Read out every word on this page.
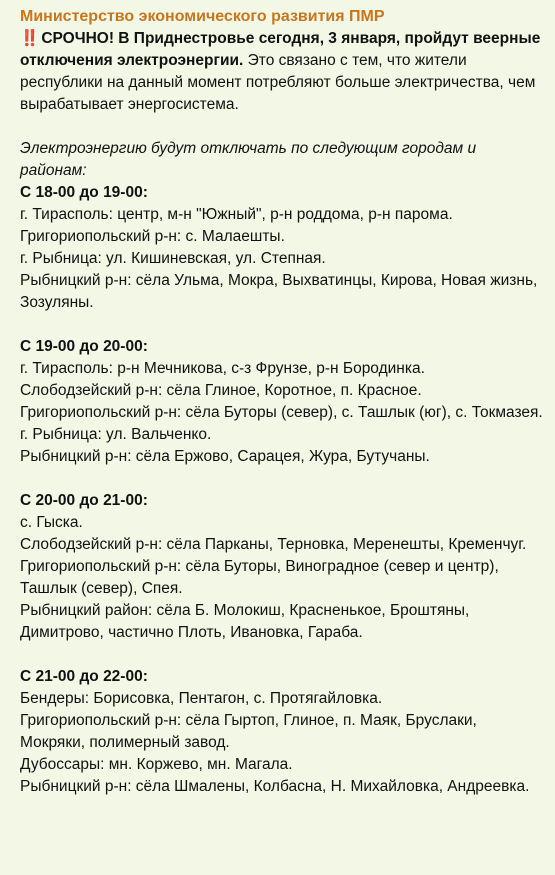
Министерство экономического развития ПМР
‼️ СРОЧНО! В Приднестровье сегодня, 3 января, пройдут веерные отключения электроэнергии. Это связано с тем, что жители республики на данный момент потребляют больше электричества, чем вырабатывает энергосистема.
Электроэнергию будут отключать по следующим городам и районам:
С 18-00 до 19-00:
г. Тирасполь: центр, м-н "Южный", р-н роддома, р-н парома.
Григориопольский р-н: с. Малаешты.
г. Рыбница: ул. Кишиневская, ул. Степная.
Рыбницкий р-н: сёла Ульма, Мокра, Выхватинцы, Кирова, Новая жизнь, Зозуляны.
С 19-00 до 20-00:
г. Тирасполь: р-н Мечникова, с-з Фрунзе, р-н Бородинка.
Слободзейский р-н: сёла Глиное, Коротное, п. Красное.
Григориопольский р-н: сёла Буторы (север), с. Ташлык (юг), с. Токмазея.
г. Рыбница: ул. Вальченко.
Рыбницкий р-н: сёла Ержово, Сарацея, Жура, Бутучаны.
С 20-00 до 21-00:
с. Гыска.
Слободзейский р-н: сёла Парканы, Терновка, Меренешты, Кременчуг.
Григориопольский р-н: сёла Буторы, Виноградное (север и центр), Ташлык (север), Спея.
Рыбницкий район: сёла Б. Молокиш, Красненькое, Броштяны, Димитрово, частично Плоть, Ивановка, Гараба.
С 21-00 до 22-00:
Бендеры: Борисовка, Пентагон, с. Протягайловка.
Григориопольский р-н: сёла Гыртоп, Глиное, п. Маяк, Бруслаки, Мокряки, полимерный завод.
Дубоссары: мн. Коржево, мн. Магала.
Рыбницкий р-н: сёла Шмалены, Колбасна, Н. Михайловка, Андреевка.
